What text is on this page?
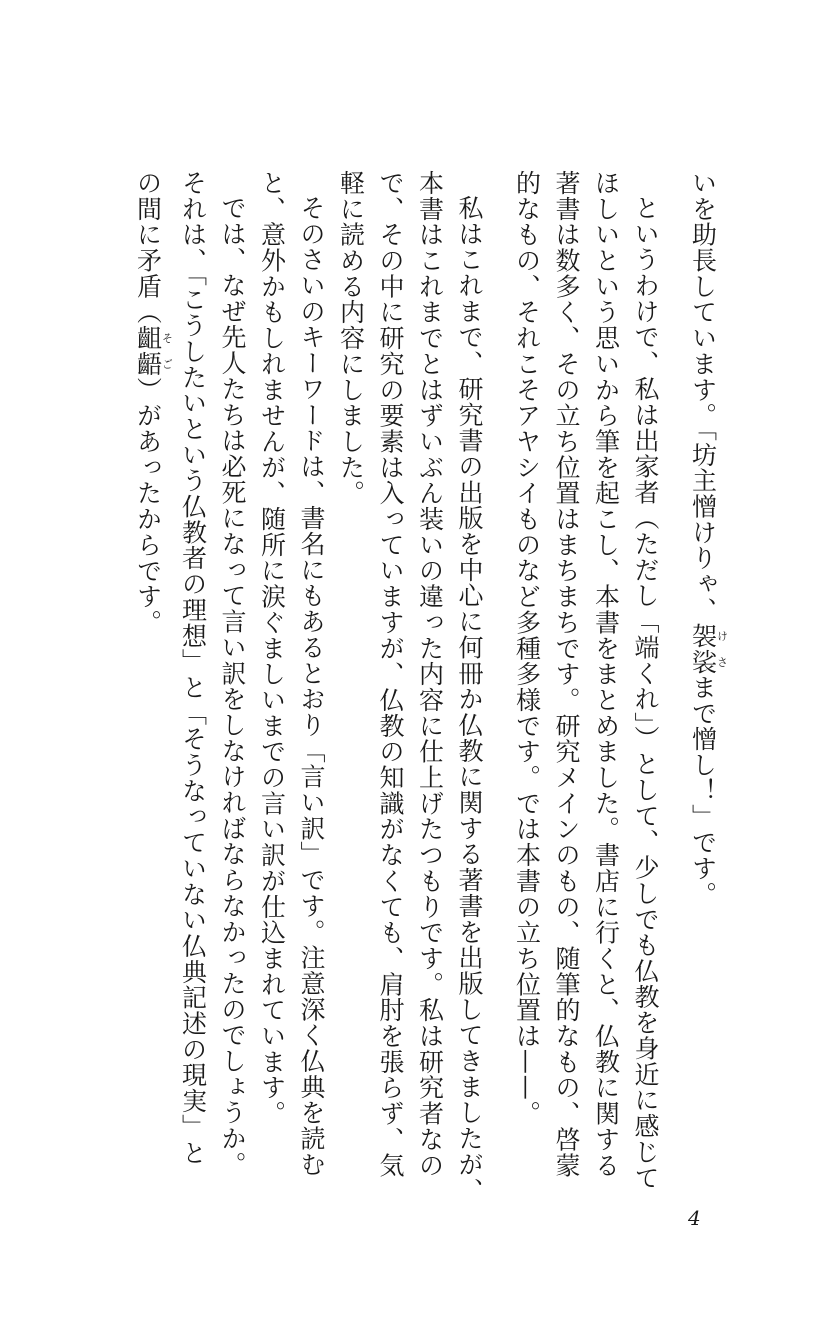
いを助長しています。「坊主憎けりゃ、袈裟けさまで憎し！」です。
というわけで、私は出家者（ただし「端くれ」）として、少しでも仏教を身近に感じて
ほしいという思いから筆を起こし、本書をまとめました。書店に行くと、仏教に関する
著書は数多く、その立ち位置はまちまちです。研究メインのもの、随筆的なもの、啓蒙
的なもの、それこそアヤシイものなど多種多様です。では本書の立ち位置は——。
私はこれまで、研究書の出版を中心に何冊か仏教に関する著書を出版してきましたが、
本書はこれまでとはずいぶん装いの違った内容に仕上げたつもりです。私は研究者なの
で、その中に研究の要素は入っていますが、仏教の知識がなくても、肩肘を張らず、気
軽に読める内容にしました。
そのさいのキーワードは、書名にもあるとおり「言い訳」です。注意深く仏典を読む
と、意外かもしれませんが、随所に涙ぐましいまでの言い訳が仕込まれています。
では、なぜ先人たちは必死になって言い訳をしなければならなかったのでしょうか。
それは、「こうしたいという仏教者の理想」と「そうなっていない仏典記述の現実」と
の間に矛盾（齟齬そご）があったからです。
4
